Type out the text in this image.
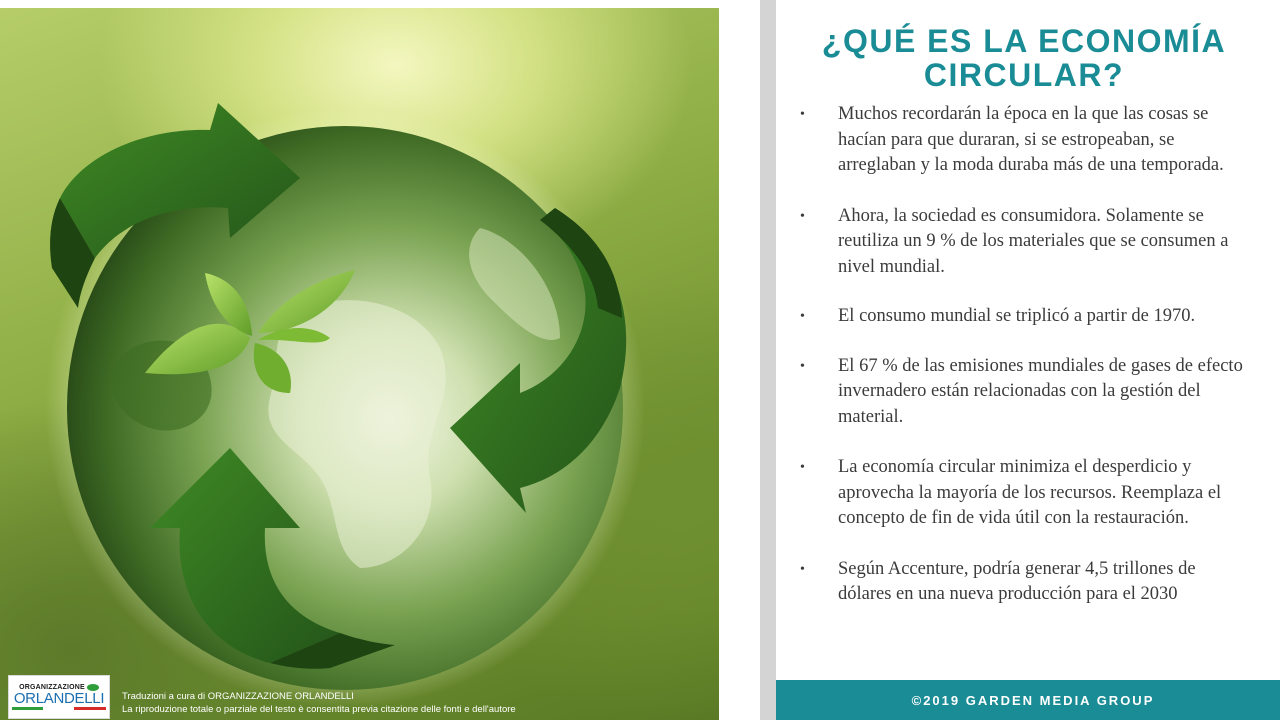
ORGANIZZAZIONE
ORLANDELLI Traduzioni a cura di ORGANIZZAZIONE ORLANDELLI
La riproduzione totale o parziale del testo è consentita previa citazione delle fonti e dell'autore
¿QUÉ ES LA ECONOMÍA CIRCULAR?
•	Muchos recordarán la época en la que las cosas se hacían para que duraran, si se estropeaban, se arreglaban y la moda duraba más de una temporada.
•	Ahora, la sociedad es consumidora. Solamente se reutiliza un 9 % de los materiales que se consumen a nivel mundial.
•	El consumo mundial se triplicó a partir de 1970.
•	El 67 % de las emisiones mundiales de gases de efecto invernadero están relacionadas con la gestión del material.
•	La economía circular minimiza el desperdicio y aprovecha la mayoría de los recursos. Reemplaza el concepto de fin de vida útil con la restauración.
•	Según Accenture, podría generar 4,5 trillones de dólares en una nueva producción para el 2030
©2019 GARDEN MEDIA GROUP
